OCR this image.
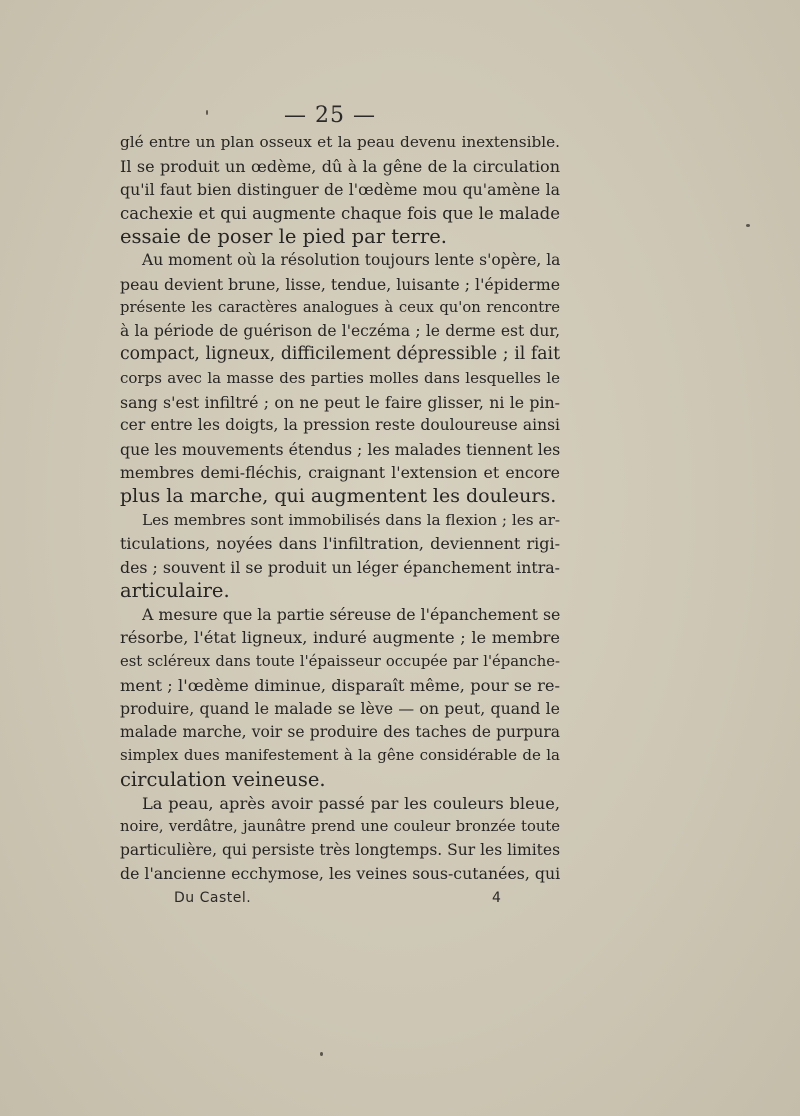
— 25 —
glé entre un plan osseux et la peau devenu inextensible.
Il se produit un œdème, dû à la gêne de la circulation
qu'il faut bien distinguer de l'œdème mou qu'amène la
cachexie et qui augmente chaque fois que le malade
essaie de poser le pied par terre.
Au moment où la résolution toujours lente s'opère, la
peau devient brune, lisse, tendue, luisante ; l'épiderme
présente les caractères analogues à ceux qu'on rencontre
à la période de guérison de l'eczéma ; le derme est dur,
compact, ligneux, difficilement dépressible ; il fait
corps avec la masse des parties molles dans lesquelles le
sang s'est infiltré ; on ne peut le faire glisser, ni le pin-
cer entre les doigts, la pression reste douloureuse ainsi
que les mouvements étendus ; les malades tiennent les
membres demi-fléchis, craignant l'extension et encore
plus la marche, qui augmentent les douleurs.
Les membres sont immobilisés dans la flexion ; les ar-
ticulations, noyées dans l'infiltration, deviennent rigi-
des ; souvent il se produit un léger épanchement intra-
articulaire.
A mesure que la partie séreuse de l'épanchement se
résorbe, l'état ligneux, induré augmente ; le membre
est scléreux dans toute l'épaisseur occupée par l'épanche-
ment ; l'œdème diminue, disparaît même, pour se re-
produire, quand le malade se lève — on peut, quand le
malade marche, voir se produire des taches de purpura
simplex dues manifestement à la gêne considérable de la
circulation veineuse.
La peau, après avoir passé par les couleurs bleue,
noire, verdâtre, jaunâtre prend une couleur bronzée toute
particulière, qui persiste très longtemps. Sur les limites
de l'ancienne ecchymose, les veines sous-cutanées, qui
Du Castel.	4
